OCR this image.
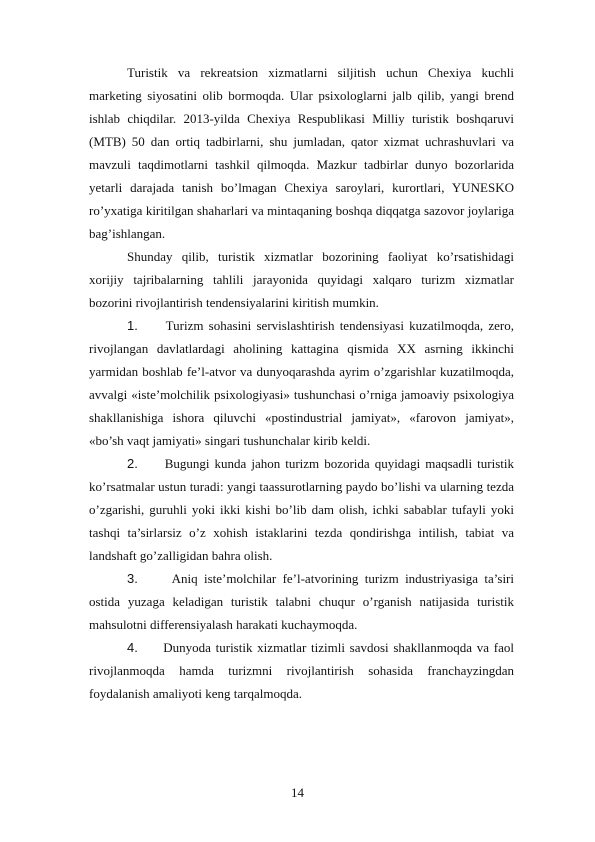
Turistik va rekreatsion xizmatlarni siljitish uchun Chexiya kuchli marketing siyosatini olib bormoqda. Ular psixologlarni jalb qilib, yangi brend ishlab chiqdilar. 2013-yilda Chexiya Respublikasi Milliy turistik boshqaruvi (MTB) 50 dan ortiq tadbirlarni, shu jumladan, qator xizmat uchrashuvlari va mavzuli taqdimotlarni tashkil qilmoqda. Mazkur tadbirlar dunyo bozorlarida yetarli darajada tanish bo’lmagan Chexiya saroylari, kurortlari, YUNESKO ro’yxatiga kiritilgan shaharlari va mintaqaning boshqa diqqatga sazovor joylariga bag’ishlangan.

Shunday qilib, turistik xizmatlar bozorining faoliyat ko’rsatishidagi xorijiy tajribalarning tahlili jarayonida quyidagi xalqaro turizm xizmatlar bozorini rivojlantirish tendensiyalarini kiritish mumkin.

1. Turizm sohasini servislashtirish tendensiyasi kuzatilmoqda, zero, rivojlangan davlatlardagi aholining kattagina qismida XX asrning ikkinchi yarmidan boshlab fe’l-atvor va dunyoqarashda ayrim o’zgarishlar kuzatilmoqda, avvalgi «iste’molchilik psixologiyasi» tushunchasi o’rniga jamoaviy psixologiya shakllanishiga ishora qiluvchi «postindustrial jamiyat», «farovon jamiyat», «bo’sh vaqt jamiyati» singari tushunchalar kirib keldi.

2. Bugungi kunda jahon turizm bozorida quyidagi maqsadli turistik ko’rsatmalar ustun turadi: yangi taassurotlarning paydo bo’lishi va ularning tezda o’zgarishi, guruhli yoki ikki kishi bo’lib dam olish, ichki sabablar tufayli yoki tashqi ta’sirlarsiz o’z xohish istaklarini tezda qondirishga intilish, tabiat va landshaft go’zalligidan bahra olish.

3.	Aniq iste’molchilar fe’l-atvorining turizm industriyasiga ta’siri ostida yuzaga keladigan turistik talabni chuqur o’rganish natijasida turistik mahsulotni differensiyalash harakati kuchaymoqda.

4. Dunyoda turistik xizmatlar tizimli savdosi shakllanmoqda va faol rivojlanmoqda hamda turizmni rivojlantirish sohasida franchayzingdan foydalanish amaliyoti keng tarqalmoqda.

14
